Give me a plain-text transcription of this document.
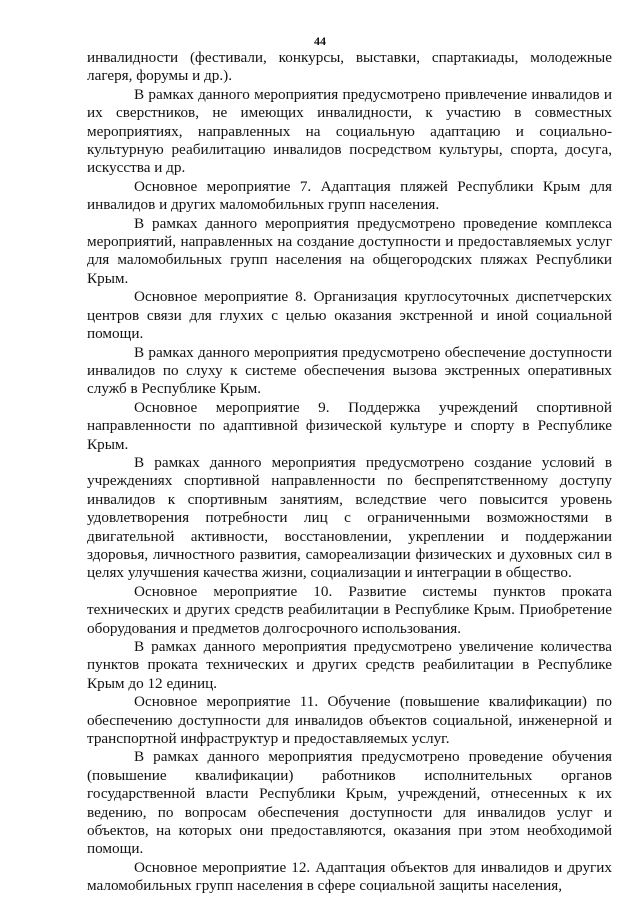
44

инвалидности (фестивали, конкурсы, выставки, спартакиады, молодежные лагеря, форумы и др.).

В рамках данного мероприятия предусмотрено привлечение инвалидов и их сверстников, не имеющих инвалидности, к участию в совместных мероприятиях, направленных на социальную адаптацию и социально-культурную реабилитацию инвалидов посредством культуры, спорта, досуга, искусства и др.

Основное мероприятие 7. Адаптация пляжей Республики Крым для инвалидов и других маломобильных групп населения.

В рамках данного мероприятия предусмотрено проведение комплекса мероприятий, направленных на создание доступности и предоставляемых услуг для маломобильных групп населения на общегородских пляжах Республики Крым.

Основное мероприятие 8. Организация круглосуточных диспетчерских центров связи для глухих с целью оказания экстренной и иной социальной помощи.

В рамках данного мероприятия предусмотрено обеспечение доступности инвалидов по слуху к системе обеспечения вызова экстренных оперативных служб в Республике Крым.

Основное мероприятие 9. Поддержка учреждений спортивной направленности по адаптивной физической культуре и спорту в Республике Крым.

В рамках данного мероприятия предусмотрено создание условий в учреждениях спортивной направленности по беспрепятственному доступу инвалидов к спортивным занятиям, вследствие чего повысится уровень удовлетворения потребности лиц с ограниченными возможностями в двигательной активности, восстановлении, укреплении и поддержании здоровья, личностного развития, самореализации физических и духовных сил в целях улучшения качества жизни, социализации и интеграции в общество.

Основное мероприятие 10. Развитие системы пунктов проката технических и других средств реабилитации в Республике Крым. Приобретение оборудования и предметов долгосрочного использования.

В рамках данного мероприятия предусмотрено увеличение количества пунктов проката технических и других средств реабилитации в Республике Крым до 12 единиц.

Основное мероприятие 11. Обучение (повышение квалификации) по обеспечению доступности для инвалидов объектов социальной, инженерной и транспортной инфраструктур и предоставляемых услуг.

В рамках данного мероприятия предусмотрено проведение обучения (повышение квалификации) работников исполнительных органов государственной власти Республики Крым, учреждений, отнесенных к их ведению, по вопросам обеспечения доступности для инвалидов услуг и объектов, на которых они предоставляются, оказания при этом необходимой помощи.

Основное мероприятие 12. Адаптация объектов для инвалидов и других маломобильных групп населения в сфере социальной защиты населения,
